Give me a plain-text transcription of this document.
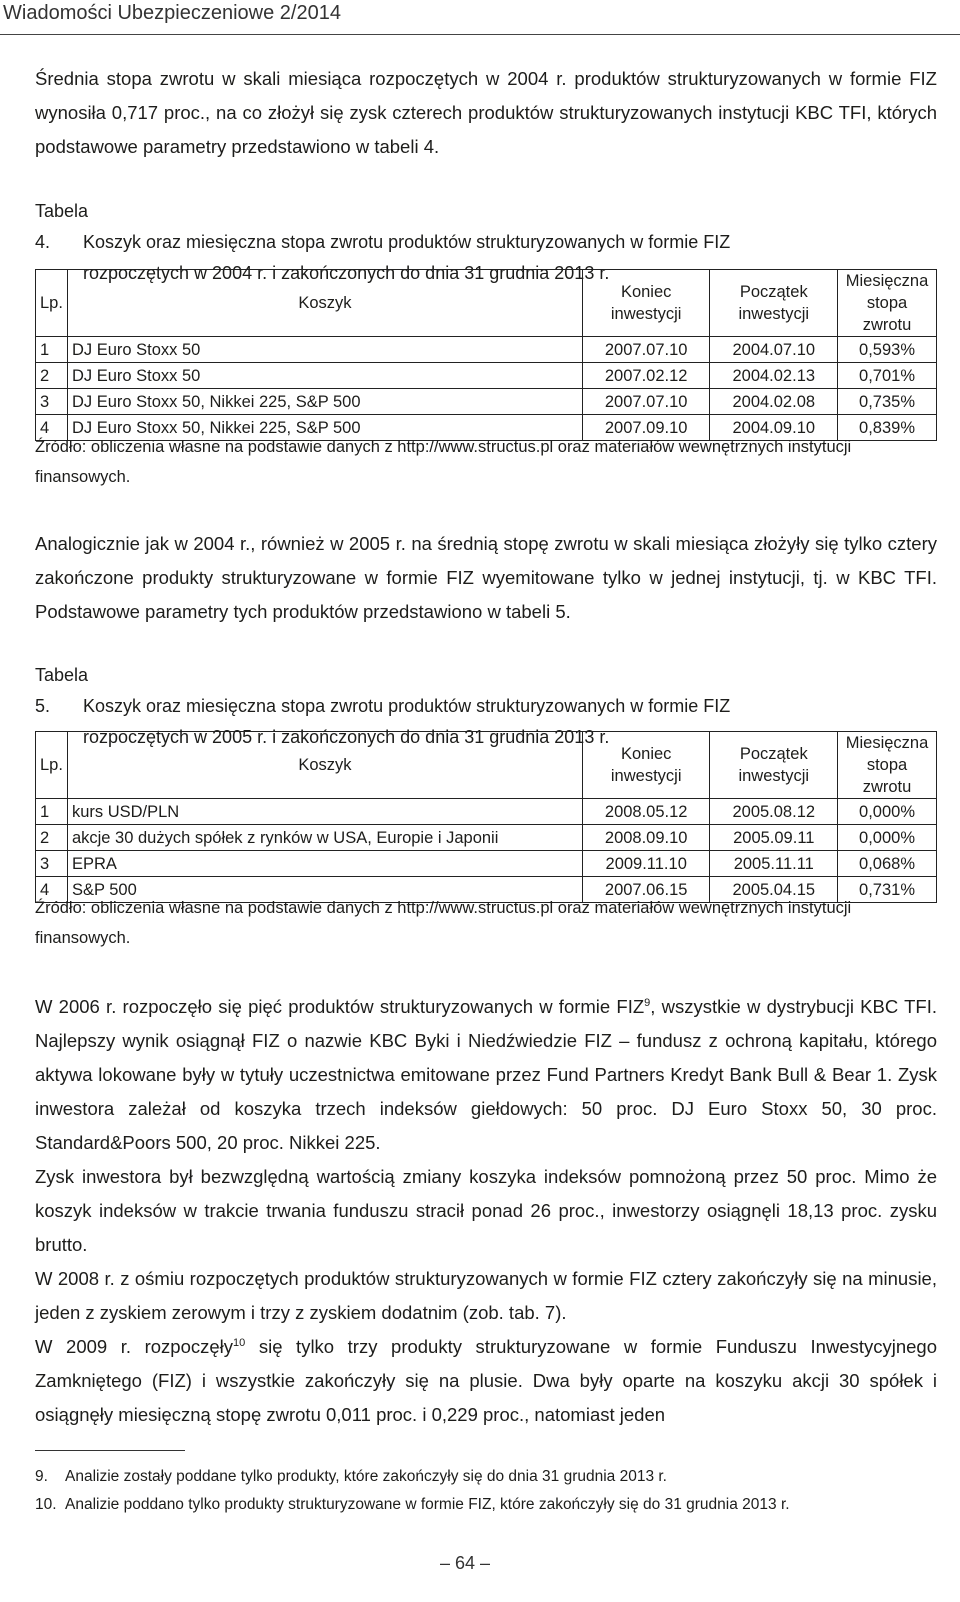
Wiadomości Ubezpieczeniowe 2/2014

Średnia stopa zwrotu w skali miesiąca rozpoczętych w 2004 r. produktów strukturyzowanych w formie FIZ wynosiła 0,717 proc., na co złożył się zysk czterech produktów strukturyzowanych instytucji KBC TFI, których podstawowe parametry przedstawiono w tabeli 4.

Tabela 4. Koszyk oraz miesięczna stopa zwrotu produktów strukturyzowanych w formie FIZ
rozpoczętych w 2004 r. i zakończonych do dnia 31 grudnia 2013 r.
Lp.	Koszyk	Koniec inwestycji	Początek inwestycji	Miesięczna stopa zwrotu
1	DJ Euro Stoxx 50	2007.07.10	2004.07.10	0,593%
2	DJ Euro Stoxx 50	2007.02.12	2004.02.13	0,701%
3	DJ Euro Stoxx 50, Nikkei 225, S&P 500	2007.07.10	2004.02.08	0,735%
4	DJ Euro Stoxx 50, Nikkei 225, S&P 500	2007.09.10	2004.09.10	0,839%
Źródło: obliczenia własne na podstawie danych z http://www.structus.pl oraz materiałów wewnętrznych instytucji finansowych.

Analogicznie jak w 2004 r., również w 2005 r. na średnią stopę zwrotu w skali miesiąca złożyły się tylko cztery zakończone produkty strukturyzowane w formie FIZ wyemitowane tylko w jednej instytucji, tj. w KBC TFI. Podstawowe parametry tych produktów przedstawiono w tabeli 5.

Tabela 5. Koszyk oraz miesięczna stopa zwrotu produktów strukturyzowanych w formie FIZ
rozpoczętych w 2005 r. i zakończonych do dnia 31 grudnia 2013 r.
Lp.	Koszyk	Koniec inwestycji	Początek inwestycji	Miesięczna stopa zwrotu
1	kurs USD/PLN	2008.05.12	2005.08.12	0,000%
2	akcje 30 dużych spółek z rynków w USA, Europie i Japonii	2008.09.10	2005.09.11	0,000%
3	EPRA	2009.11.10	2005.11.11	0,068%
4	S&P 500	2007.06.15	2005.04.15	0,731%
Źródło: obliczenia własne na podstawie danych z http://www.structus.pl oraz materiałów wewnętrznych instytucji finansowych.

W 2006 r. rozpoczęło się pięć produktów strukturyzowanych w formie FIZ$^9$, wszystkie w dystrybucji KBC TFI. Najlepszy wynik osiągnął FIZ o nazwie KBC Byki i Niedźwiedzie FIZ – fundusz z ochroną kapitału, którego aktywa lokowane były w tytuły uczestnictwa emitowane przez Fund Partners Kredyt Bank Bull & Bear 1. Zysk inwestora zależał od koszyka trzech indeksów giełdowych: 50 proc. DJ Euro Stoxx 50, 30 proc. Standard&Poors 500, 20 proc. Nikkei 225.

Zysk inwestora był bezwzględną wartością zmiany koszyka indeksów pomnożoną przez 50 proc. Mimo że koszyk indeksów w trakcie trwania funduszu stracił ponad 26 proc., inwestorzy osiągnęli 18,13 proc. zysku brutto.

W 2008 r. z ośmiu rozpoczętych produktów strukturyzowanych w formie FIZ cztery zakończyły się na minusie, jeden z zyskiem zerowym i trzy z zyskiem dodatnim (zob. tab. 7).

W 2009 r. rozpoczęły$^{10}$ się tylko trzy produkty strukturyzowane w formie Funduszu Inwestycyjnego Zamkniętego (FIZ) i wszystkie zakończyły się na plusie. Dwa były oparte na koszyku akcji 30 spółek i osiągnęły miesięczną stopę zwrotu 0,011 proc. i 0,229 proc., natomiast jeden

9. Analizie zostały poddane tylko produkty, które zakończyły się do dnia 31 grudnia 2013 r.
10. Analizie poddano tylko produkty strukturyzowane w formie FIZ, które zakończyły się do 31 grudnia 2013 r.
– 64 –
